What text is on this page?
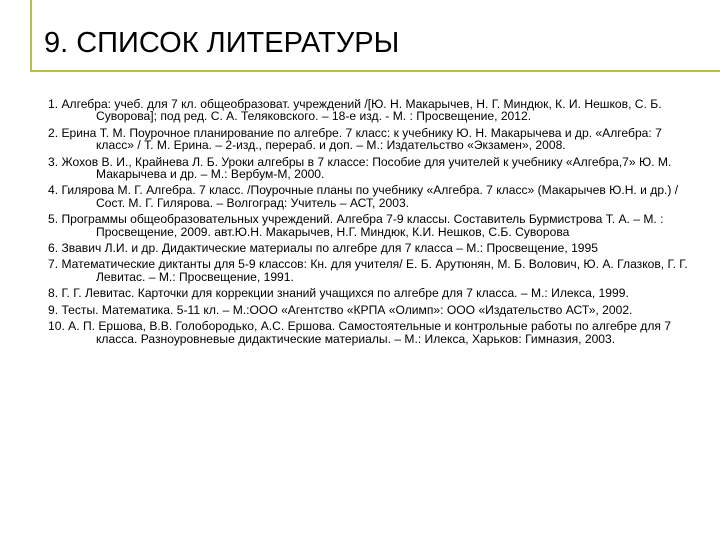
9. СПИСОК ЛИТЕРАТУРЫ
1. Алгебра: учеб. для 7 кл. общеобразоват. учреждений /[Ю. Н. Макарычев, Н. Г. Миндюк, К. И. Нешков, С. Б. Суворова]; под ред. С. А. Теляковского. – 18-е изд. - М. : Просвещение, 2012.
2. Ерина Т. М. Поурочное планирование по алгебре. 7 класс: к учебнику Ю. Н. Макарычева и др. «Алгебра: 7 класс» / Т. М. Ерина. – 2-изд., перераб. и доп. – М.: Издательство «Экзамен», 2008.
3. Жохов В. И., Крайнева Л. Б. Уроки алгебры в 7 классе: Пособие для учителей к учебнику «Алгебра,7» Ю. М. Макарычева и др. – М.: Вербум-М, 2000.
4. Гилярова М. Г. Алгебра. 7 класс. /Поурочные планы по учебнику «Алгебра. 7 класс» (Макарычев Ю.Н. и др.) /Сост. М. Г. Гилярова. – Волгоград: Учитель – АСТ, 2003.
5. Программы общеобразовательных учреждений. Алгебра 7-9 классы. Составитель Бурмистрова Т. А. – М. : Просвещение, 2009. авт.Ю.Н. Макарычев, Н.Г. Миндюк, К.И. Нешков, С.Б. Суворова
6. Звавич Л.И. и др. Дидактические материалы по алгебре для 7 класса – М.: Просвещение, 1995
7. Математические диктанты для 5-9 классов: Кн. для учителя/ Е. Б. Арутюнян, М. Б. Волович, Ю. А. Глазков, Г. Г. Левитас. – М.: Просвещение, 1991.
8. Г. Г. Левитас. Карточки для коррекции знаний учащихся по алгебре для 7 класса. – М.: Илекса, 1999.
9. Тесты. Математика. 5-11 кл. – М.:ООО «Агентство «КРПА «Олимп»: ООО «Издательство АСТ», 2002.
10. А. П. Ершова, В.В. Голобородько, А.С. Ершова. Самостоятельные и контрольные работы по алгебре для 7 класса. Разноуровневые дидактические материалы. – М.: Илекса, Харьков: Гимназия, 2003.
